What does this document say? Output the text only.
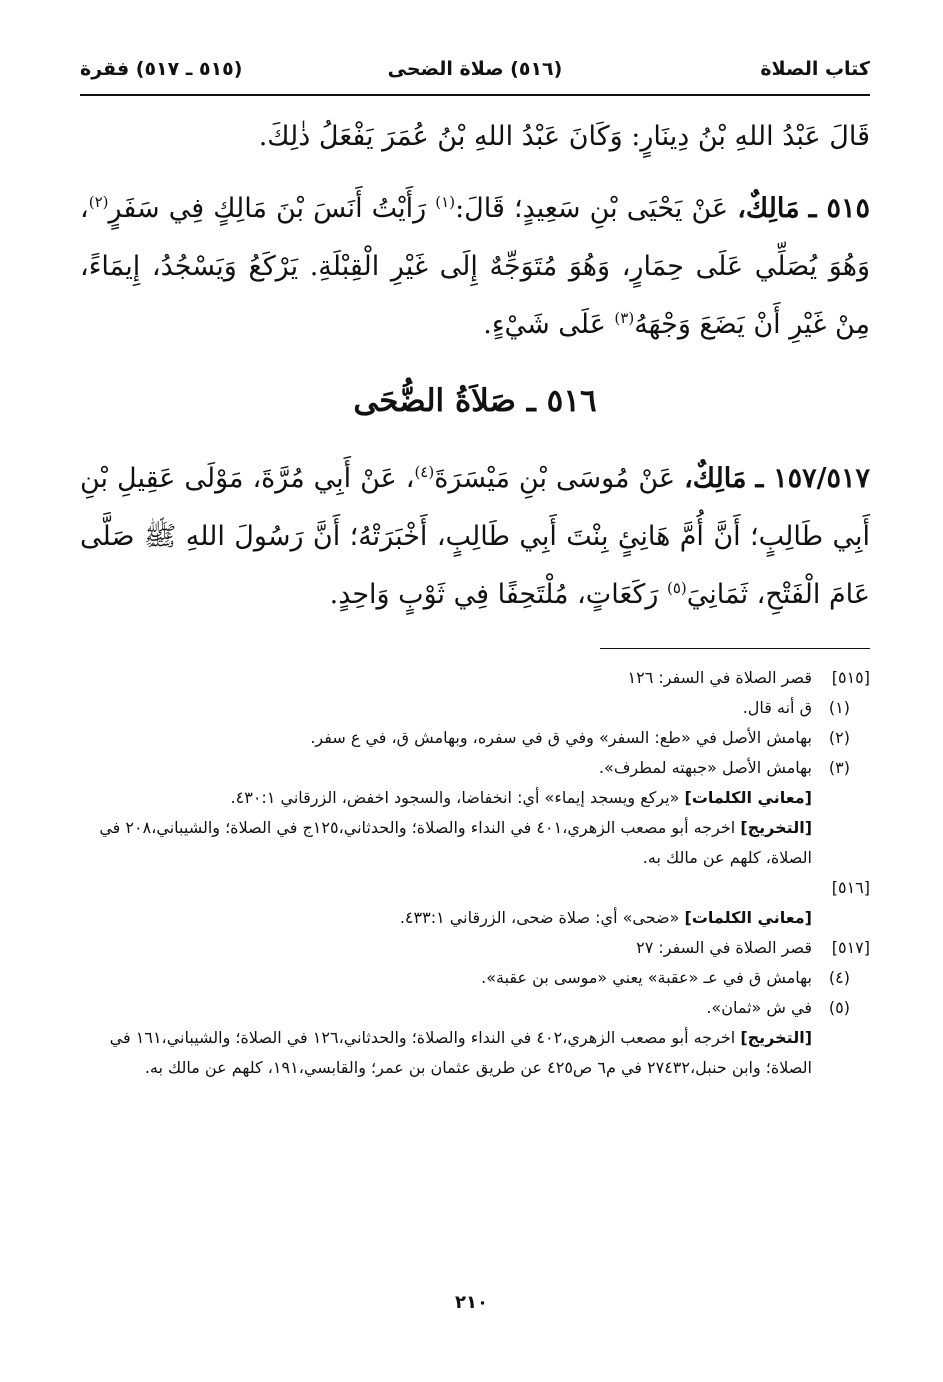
كتاب الصلاة
(٥١٦) صلاة الضحى
(٥١٥ ـ ٥١٧) فقرة

قَالَ عَبْدُ اللهِ بْنُ دِينَارٍ: وَكَانَ عَبْدُ اللهِ بْنُ عُمَرَ يَفْعَلُ ذٰلِكَ.

٥١٥ ـ مَالِكٌ، عَنْ يَحْيَى بْنِ سَعِيدٍ؛ قَالَ:$^{(١)}$ رَأَيْتُ أَنَسَ بْنَ مَالِكٍ فِي سَفَرٍ$^{(٢)}$، وَهُوَ يُصَلِّي عَلَى حِمَارٍ، وَهُوَ مُتَوَجِّهٌ إِلَى غَيْرِ الْقِبْلَةِ. يَرْكَعُ وَيَسْجُدُ، إِيمَاءً، مِنْ غَيْرِ أَنْ يَضَعَ وَجْهَهُ$^{(٣)}$ عَلَى شَيْءٍ.

٥١٦ ـ صَلاَةُ الضُّحَى

١٥٧/٥١٧ ـ مَالِكٌ، عَنْ مُوسَى بْنِ مَيْسَرَةَ$^{(٤)}$، عَنْ أَبِي مُرَّةَ، مَوْلَى عَقِيلِ بْنِ أَبِي طَالِبٍ؛ أَنَّ أُمَّ هَانِئٍ بِنْتَ أَبِي طَالِبٍ، أَخْبَرَتْهُ؛ أَنَّ رَسُولَ اللهِ ﷺ صَلَّى عَامَ الْفَتْحِ، ثَمَانِيَ$^{(٥)}$ رَكَعَاتٍ، مُلْتَحِفًا فِي ثَوْبٍ وَاحِدٍ.

[٥١٥]
قصر الصلاة في السفر: ١٢٦
(١)
ق أنه قال.
(٢)
بهامش الأصل في «طع: السفر» وفي ق في سفره، وبهامش ق، في ع سفر.
(٣)
بهامش الأصل «جبهته لمطرف».
[معاني الكلمات] «يركع ويسجد إيماء» أي: انخفاضا، والسجود اخفض، الزرقاني ٤٣٠:١.
[التخريج] اخرجه أبو مصعب الزهري،٤٠١ في النداء والصلاة؛ والحدثاني،١٢٥ج في الصلاة؛ والشيباني،٢٠٨ في الصلاة، كلهم عن مالك به.
[٥١٦]

[معاني الكلمات] «ضحى» أي: صلاة ضحى، الزرقاني ٤٣٣:١.
[٥١٧]
قصر الصلاة في السفر: ٢٧
(٤)
بهامش ق في عـ «عقبة» يعني «موسى بن عقبة».
(٥)
في ش «ثمان».
[التخريج] اخرجه أبو مصعب الزهري،٤٠٢ في النداء والصلاة؛ والحدثاني،١٢٦ في الصلاة؛ والشيباني،١٦١ في الصلاة؛ وابن حنبل،٢٧٤٣٢ في م٦ ص٤٢٥ عن طريق عثمان بن عمر؛ والقابسي،١٩١، كلهم عن مالك به.
٢١٠
